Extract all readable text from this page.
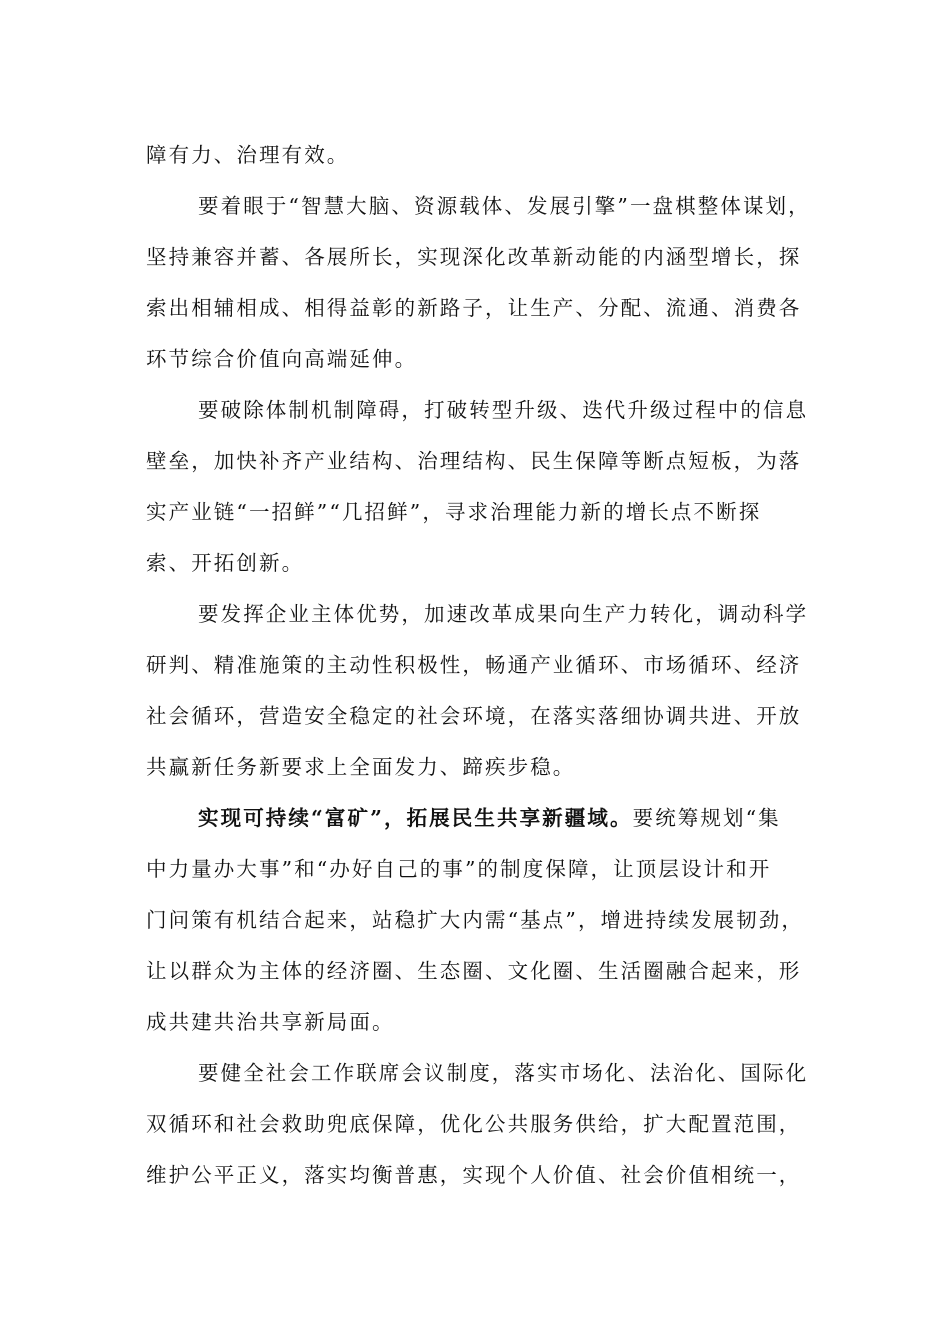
障有力、治理有效。
要着眼于“智慧大脑、资源载体、发展引擎”一盘棋整体谋划，
坚持兼容并蓄、各展所长，实现深化改革新动能的内涵型增长，探
索出相辅相成、相得益彰的新路子，让生产、分配、流通、消费各
环节综合价值向高端延伸。
要破除体制机制障碍，打破转型升级、迭代升级过程中的信息
壁垒，加快补齐产业结构、治理结构、民生保障等断点短板，为落
实产业链“一招鲜”“几招鲜”，寻求治理能力新的增长点不断探
索、开拓创新。
要发挥企业主体优势，加速改革成果向生产力转化，调动科学
研判、精准施策的主动性积极性，畅通产业循环、市场循环、经济
社会循环，营造安全稳定的社会环境，在落实落细协调共进、开放
共赢新任务新要求上全面发力、蹄疾步稳。
实现可持续“富矿”，拓展民生共享新疆域。要统筹规划“集
中力量办大事”和“办好自己的事”的制度保障，让顶层设计和开
门问策有机结合起来，站稳扩大内需“基点”，增进持续发展韧劲，
让以群众为主体的经济圈、生态圈、文化圈、生活圈融合起来，形
成共建共治共享新局面。
要健全社会工作联席会议制度，落实市场化、法治化、国际化
双循环和社会救助兜底保障，优化公共服务供给，扩大配置范围，
维护公平正义，落实均衡普惠，实现个人价值、社会价值相统一，
